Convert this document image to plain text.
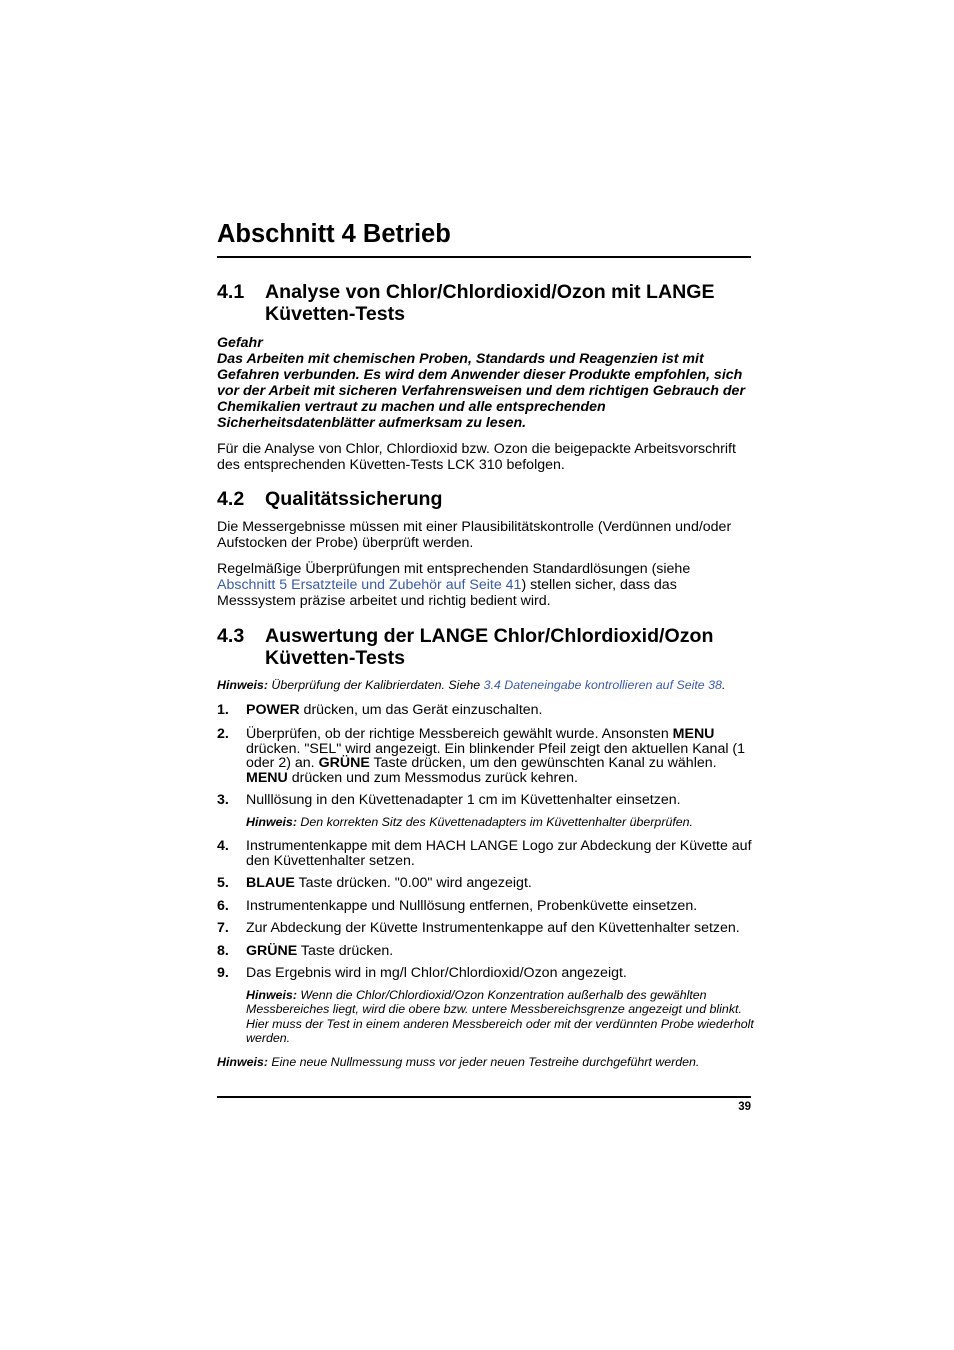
Abschnitt 4 Betrieb
4.1 Analyse von Chlor/Chlordioxid/Ozon mit LANGE Küvetten-Tests

Gefahr

Das Arbeiten mit chemischen Proben, Standards und Reagenzien ist mit Gefahren verbunden. Es wird dem Anwender dieser Produkte empfohlen, sich vor der Arbeit mit sicheren Verfahrensweisen und dem richtigen Gebrauch der Chemikalien vertraut zu machen und alle entsprechenden Sicherheitsdatenblätter aufmerksam zu lesen.

Für die Analyse von Chlor, Chlordioxid bzw. Ozon die beigepackte Arbeitsvorschrift des entsprechenden Küvetten-Tests LCK 310 befolgen.

4.2 Qualitätssicherung

Die Messergebnisse müssen mit einer Plausibilitätskontrolle (Verdünnen und/oder Aufstocken der Probe) überprüft werden.

Regelmäßige Überprüfungen mit entsprechenden Standardlösungen (siehe
Abschnitt 5 Ersatzteile und Zubehör auf Seite 41) stellen sicher, dass das Messsystem präzise arbeitet und richtig bedient wird.

4.3 Auswertung der LANGE Chlor/Chlordioxid/Ozon Küvetten-Tests

Hinweis: Überprüfung der Kalibrierdaten. Siehe 3.4 Dateneingabe kontrollieren auf Seite 38.

1. POWER drücken, um das Gerät einzuschalten.
2. Überprüfen, ob der richtige Messbereich gewählt wurde. Ansonsten MENU drücken. "SEL" wird angezeigt. Ein blinkender Pfeil zeigt den aktuellen Kanal (1 oder 2) an. GRÜNE Taste drücken, um den gewünschten Kanal zu wählen. MENU drücken und zum Messmodus zurück kehren.
3. Nulllösung in den Küvettenadapter 1 cm im Küvettenhalter einsetzen.

Hinweis: Den korrekten Sitz des Küvettenadapters im Küvettenhalter überprüfen.

4. Instrumentenkappe mit dem HACH LANGE Logo zur Abdeckung der Küvette auf den Küvettenhalter setzen.
5. BLAUE Taste drücken. "0.00" wird angezeigt.
6. Instrumentenkappe und Nulllösung entfernen, Probenküvette einsetzen.
7. Zur Abdeckung der Küvette Instrumentenkappe auf den Küvettenhalter setzen.
8. GRÜNE Taste drücken.
9. Das Ergebnis wird in mg/l Chlor/Chlordioxid/Ozon angezeigt.

Hinweis: Wenn die Chlor/Chlordioxid/Ozon Konzentration außerhalb des gewählten Messbereiches liegt, wird die obere bzw. untere Messbereichsgrenze angezeigt und blinkt. Hier muss der Test in einem anderen Messbereich oder mit der verdünnten Probe wiederholt werden.

Hinweis: Eine neue Nullmessung muss vor jeder neuen Testreihe durchgeführt werden.

39
